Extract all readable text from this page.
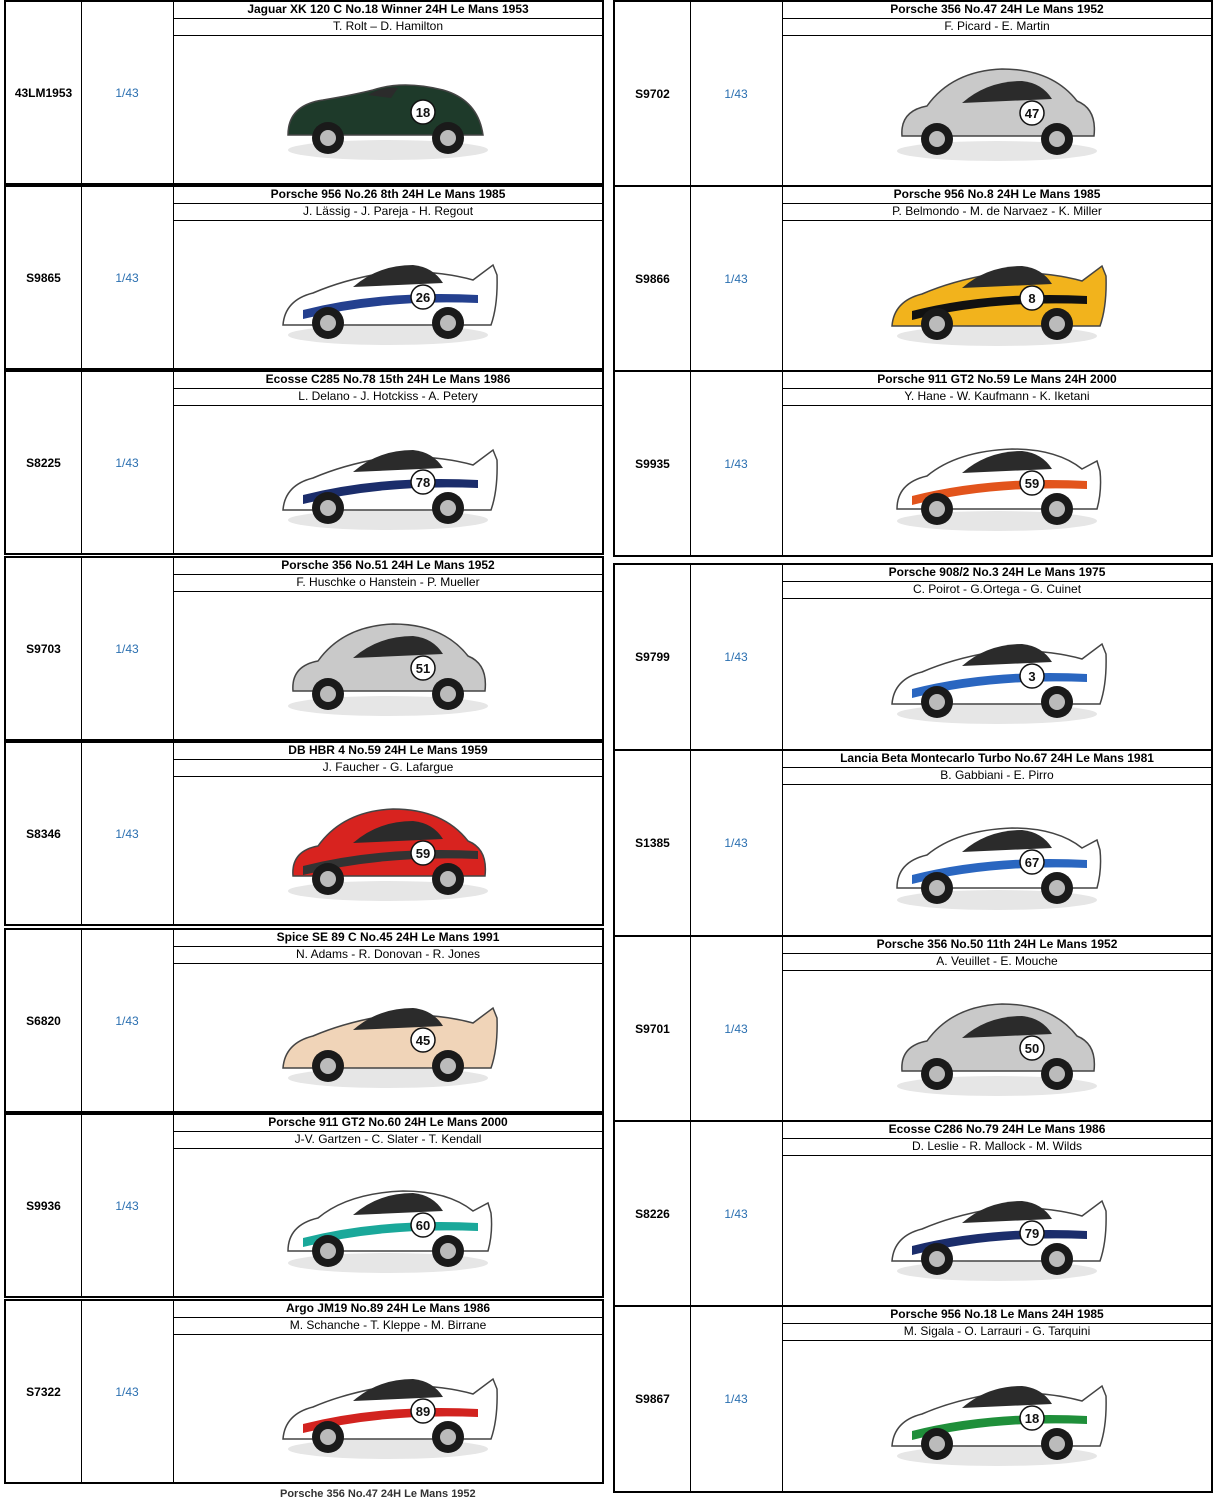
43LM1953	1/43
Jaguar XK 120 C No.18 Winner 24H Le Mans 1953
T. Rolt – D. Hamilton
18
S9865	1/43
Porsche 956 No.26 8th 24H Le Mans 1985
J. Lässig - J. Pareja - H. Regout
26
S8225	1/43
Ecosse C285 No.78 15th 24H Le Mans 1986
L. Delano - J. Hotckiss - A. Petery
78
S9703	1/43
Porsche 356 No.51 24H Le Mans 1952
F. Huschke o Hanstein - P. Mueller
51
S8346	1/43
DB HBR 4 No.59 24H Le Mans 1959
J. Faucher - G. Lafargue
59
S6820	1/43
Spice SE 89 C No.45 24H Le Mans 1991
N. Adams - R. Donovan - R. Jones
45
S9936	1/43
Porsche 911 GT2 No.60 24H Le Mans 2000
J-V. Gartzen - C. Slater - T. Kendall
60
S7322	1/43
Argo JM19 No.89 24H Le Mans 1986
M. Schanche - T. Kleppe - M. Birrane
89
S9702	1/43
Porsche 356 No.47 24H Le Mans 1952
F. Picard - E. Martin
47
S9866	1/43
Porsche 956 No.8 24H Le Mans 1985
P. Belmondo - M. de Narvaez - K. Miller
8
S9935	1/43
Porsche 911 GT2 No.59 Le Mans 24H 2000
Y. Hane - W. Kaufmann - K. Iketani
59
S9799	1/43
Porsche 908/2 No.3 24H Le Mans 1975
C. Poirot - G.Ortega - G. Cuinet
3
S1385	1/43
Lancia Beta Montecarlo Turbo No.67 24H Le Mans 1981
B. Gabbiani - E. Pirro
67
S9701	1/43
Porsche 356 No.50 11th 24H Le Mans 1952
A. Veuillet - E. Mouche
50
S8226	1/43
Ecosse C286 No.79 24H Le Mans 1986
D. Leslie - R. Mallock - M. Wilds
79
S9867	1/43
Porsche 956 No.18 Le Mans 24H 1985
M. Sigala - O. Larrauri - G. Tarquini
18
Porsche 356 No.47 24H Le Mans 1952
